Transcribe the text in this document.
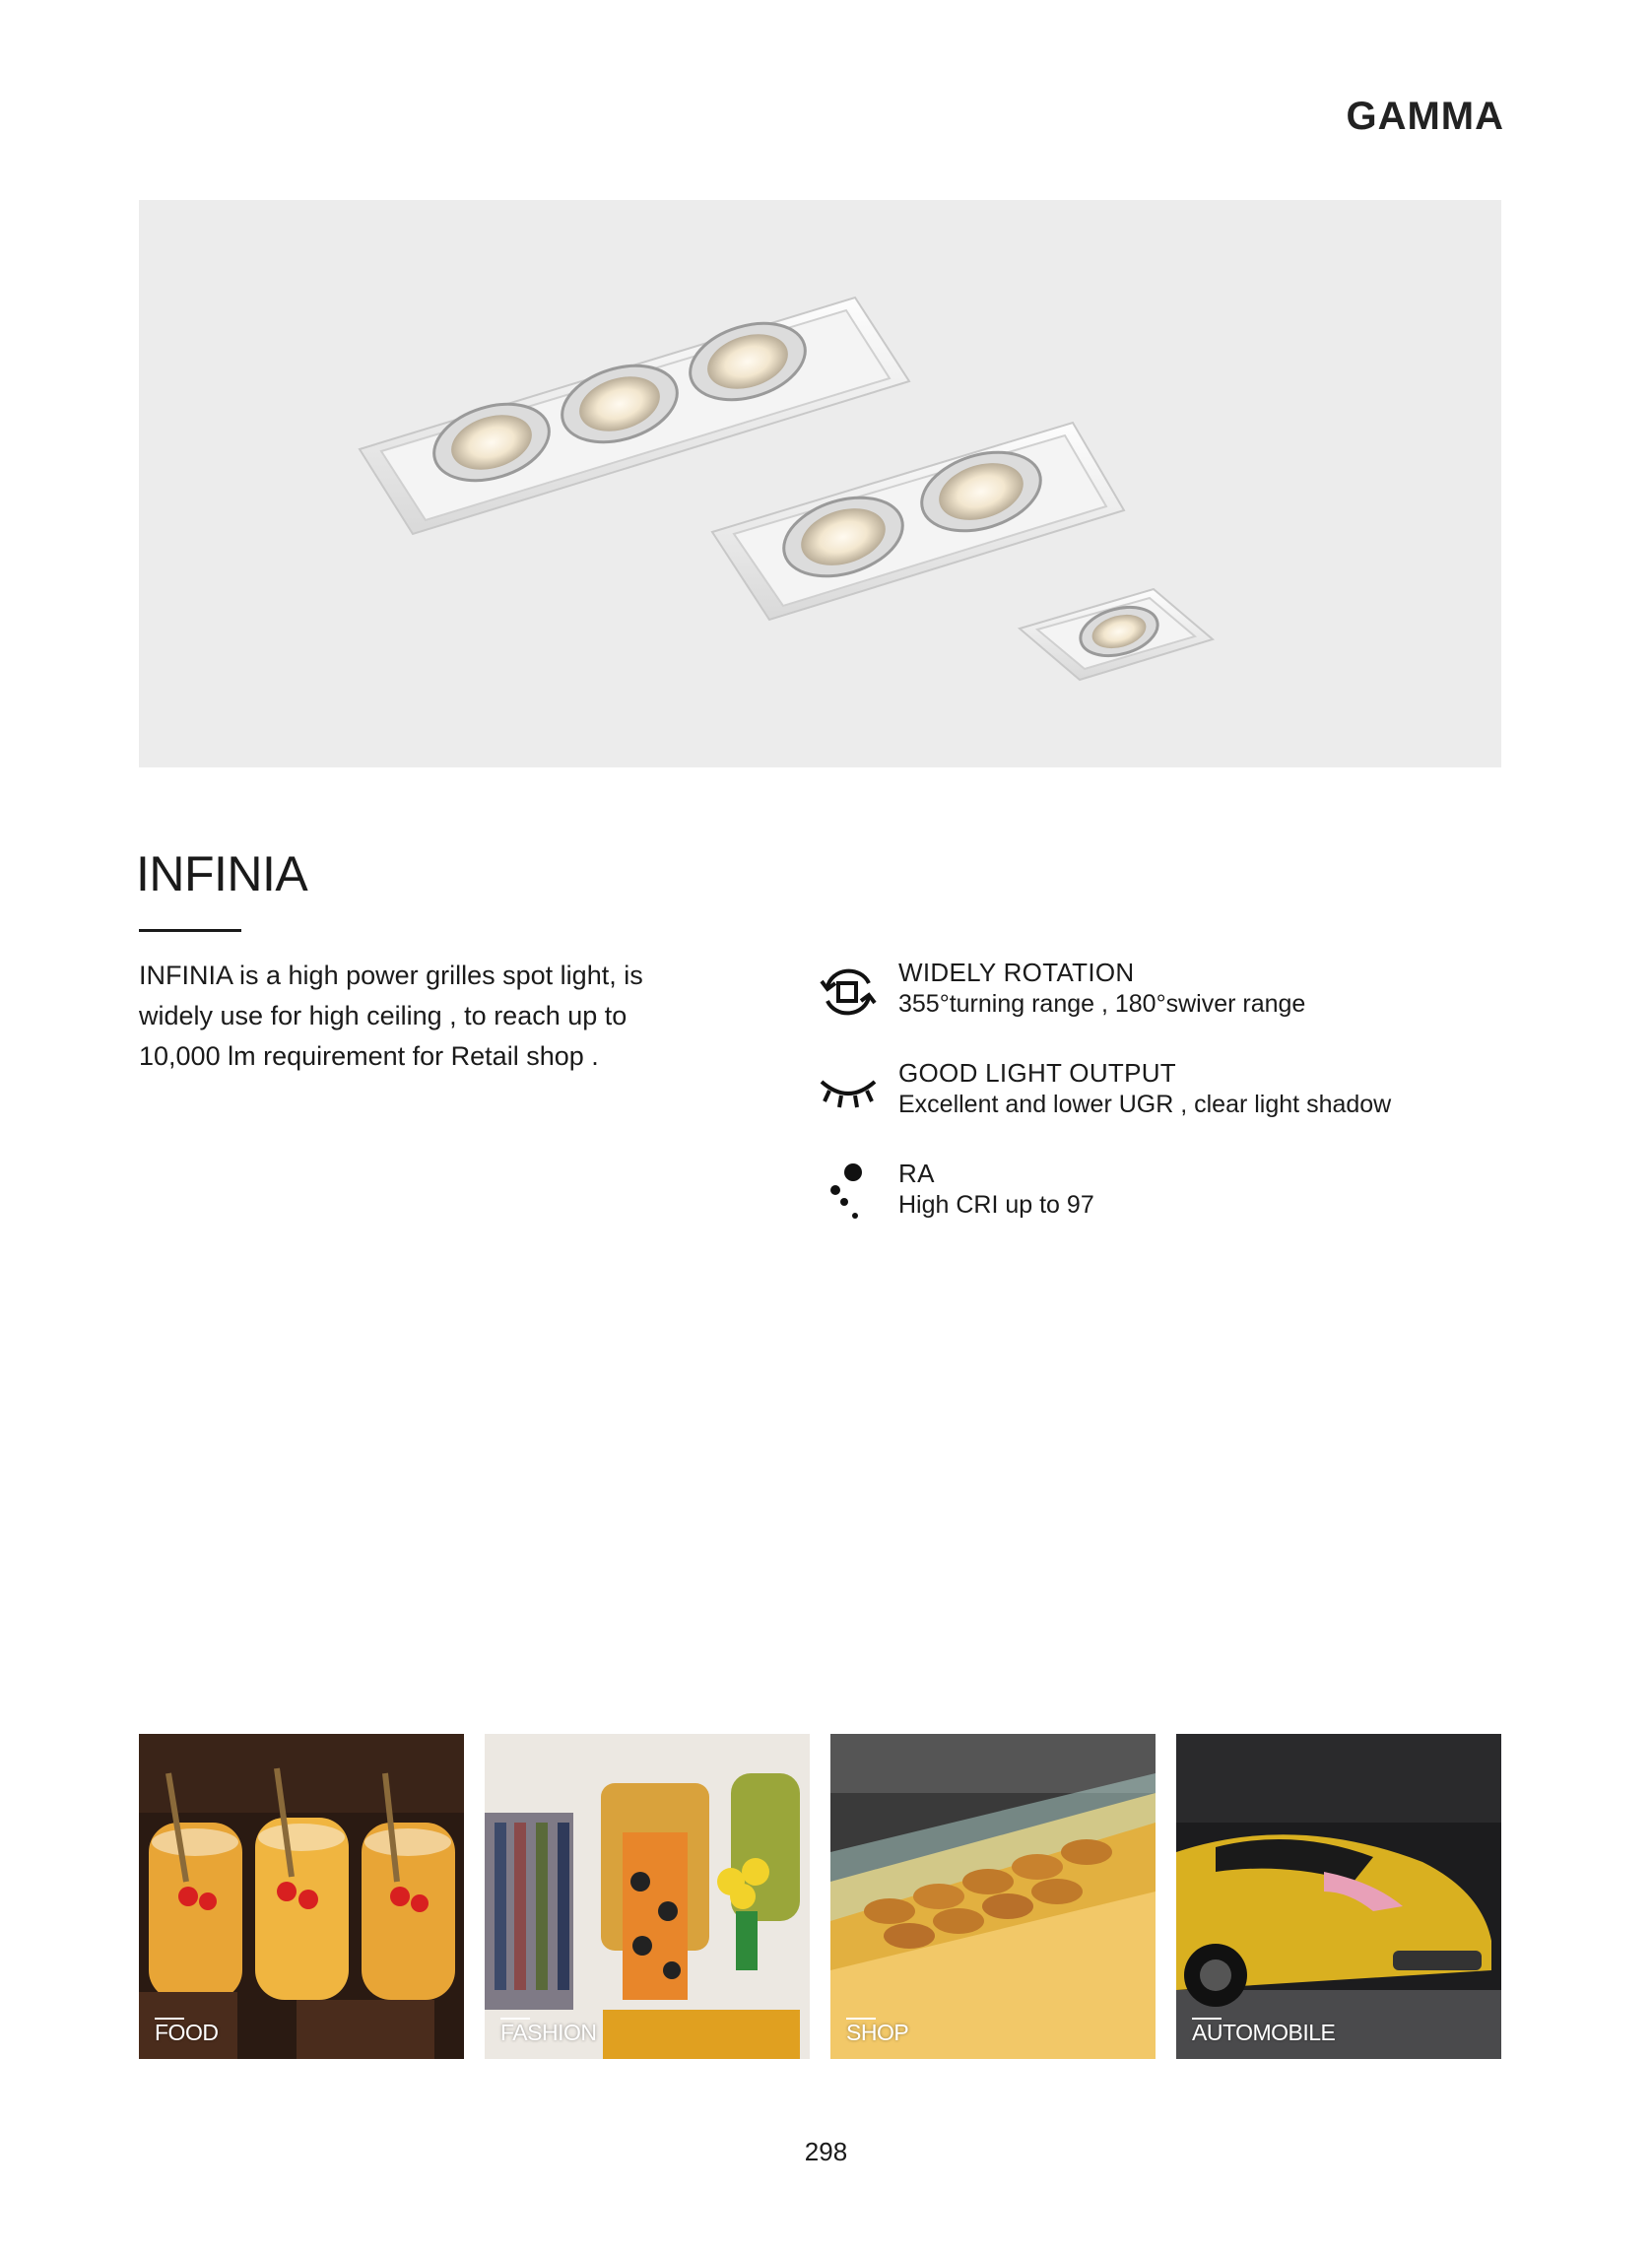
GAMMA
INFINIA
INFINIA is a high power grilles spot light, is widely use for high ceiling , to reach up to 10,000 lm requirement for Retail shop .
WIDELY ROTATION
355°turning range , 180°swiver range
GOOD LIGHT OUTPUT
Excellent and lower UGR , clear light shadow
RA
High CRI up to 97
FOOD	FASHION	SHOP	AUTOMOBILE
298
